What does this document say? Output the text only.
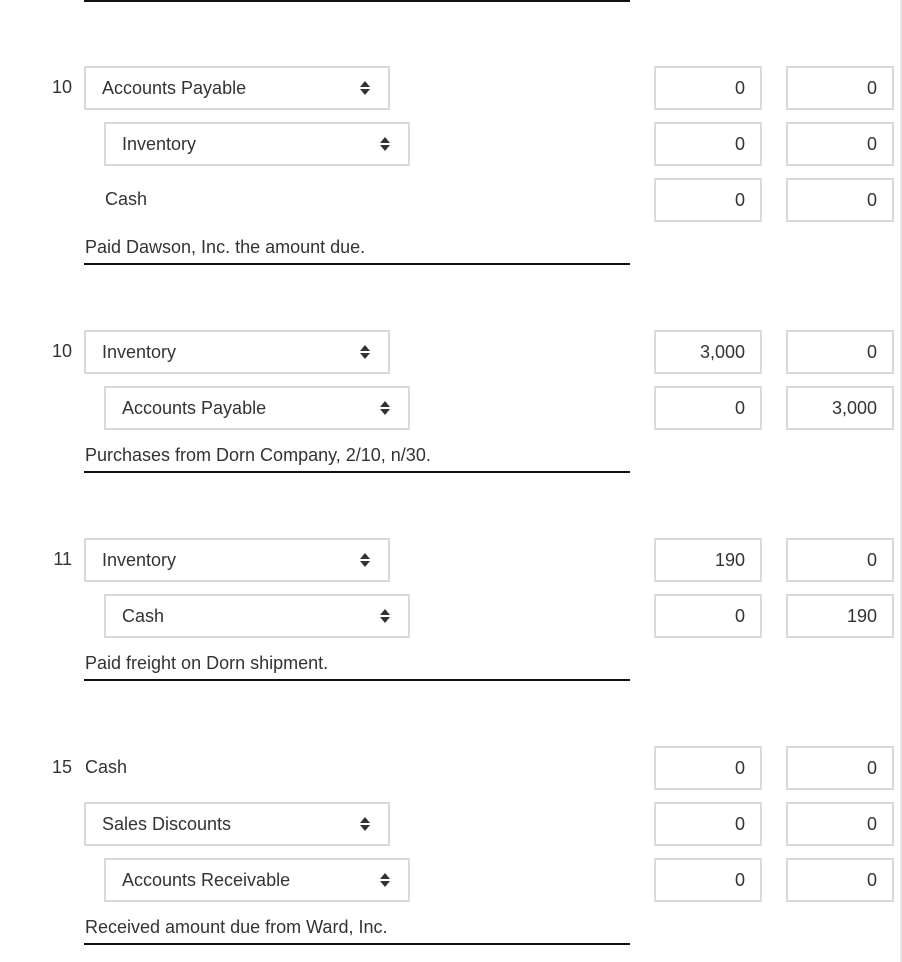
10 Accounts Payable
0
0
Inventory
0
0
Cash
0
0
Paid Dawson, Inc. the amount due.
10 Inventory
3,000
0
Accounts Payable
0
3,000
Purchases from Dorn Company, 2/10, n/30.
11 Inventory
190
0
Cash
0
190
Paid freight on Dorn shipment.
15 Cash
0
0
Sales Discounts
0
0
Accounts Receivable
0
0
Received amount due from Ward, Inc.
